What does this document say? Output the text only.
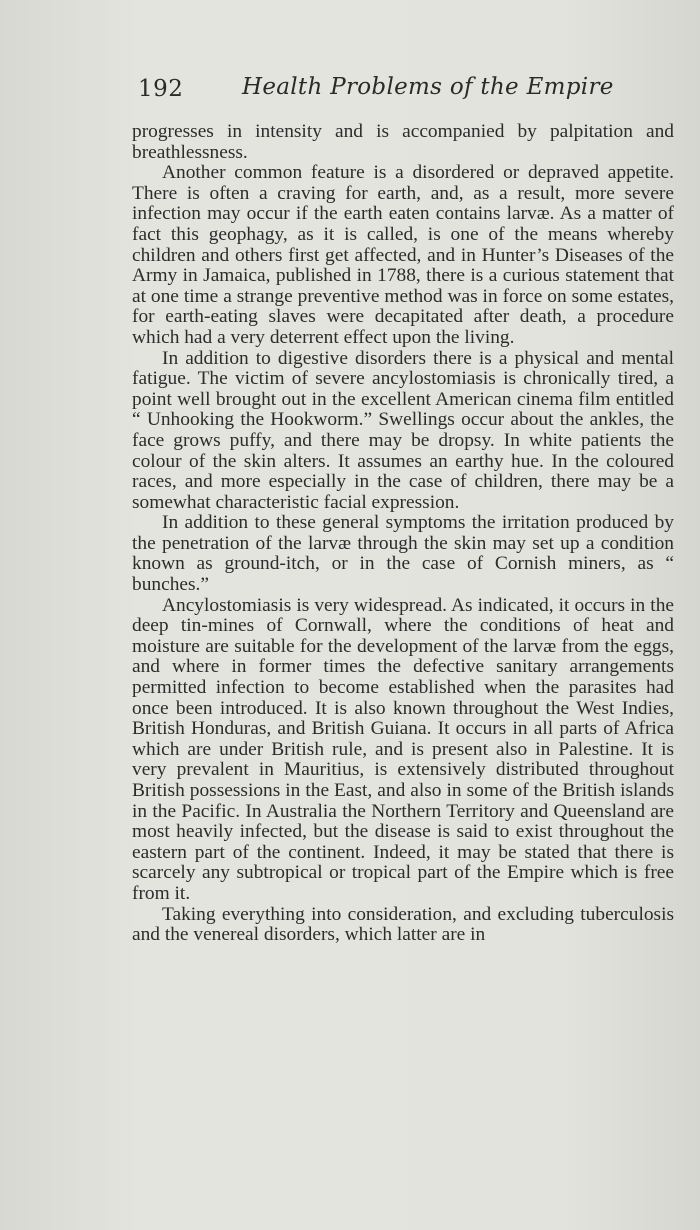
192	Health Problems of the Empire

progresses in intensity and is accompanied by palpitation and breathlessness.

Another common feature is a disordered or depraved appetite. There is often a craving for earth, and, as a result, more severe infection may occur if the earth eaten contains larvæ. As a matter of fact this geophagy, as it is called, is one of the means whereby children and others first get affected, and in Hunter’s Diseases of the Army in Jamaica, published in 1788, there is a curious statement that at one time a strange preventive method was in force on some estates, for earth-eating slaves were decapitated after death, a procedure which had a very deterrent effect upon the living.

In addition to digestive disorders there is a physical and mental fatigue. The victim of severe ancylostomiasis is chronically tired, a point well brought out in the excellent American cinema film entitled “ Unhooking the Hookworm.” Swellings occur about the ankles, the face grows puffy, and there may be dropsy. In white patients the colour of the skin alters. It assumes an earthy hue. In the coloured races, and more especially in the case of children, there may be a somewhat characteristic facial expression.

In addition to these general symptoms the irritation produced by the penetration of the larvæ through the skin may set up a condition known as ground-itch, or in the case of Cornish miners, as “ bunches.”

Ancylostomiasis is very widespread. As indicated, it occurs in the deep tin-mines of Cornwall, where the conditions of heat and moisture are suitable for the development of the larvæ from the eggs, and where in former times the defective sanitary arrangements permitted infection to become established when the parasites had once been introduced. It is also known throughout the West Indies, British Honduras, and British Guiana. It occurs in all parts of Africa which are under British rule, and is present also in Palestine. It is very prevalent in Mauritius, is extensively distributed throughout British possessions in the East, and also in some of the British islands in the Pacific. In Australia the Northern Territory and Queensland are most heavily infected, but the disease is said to exist throughout the eastern part of the continent. Indeed, it may be stated that there is scarcely any subtropical or tropical part of the Empire which is free from it.

Taking everything into consideration, and excluding tuberculosis and the venereal disorders, which latter are in
